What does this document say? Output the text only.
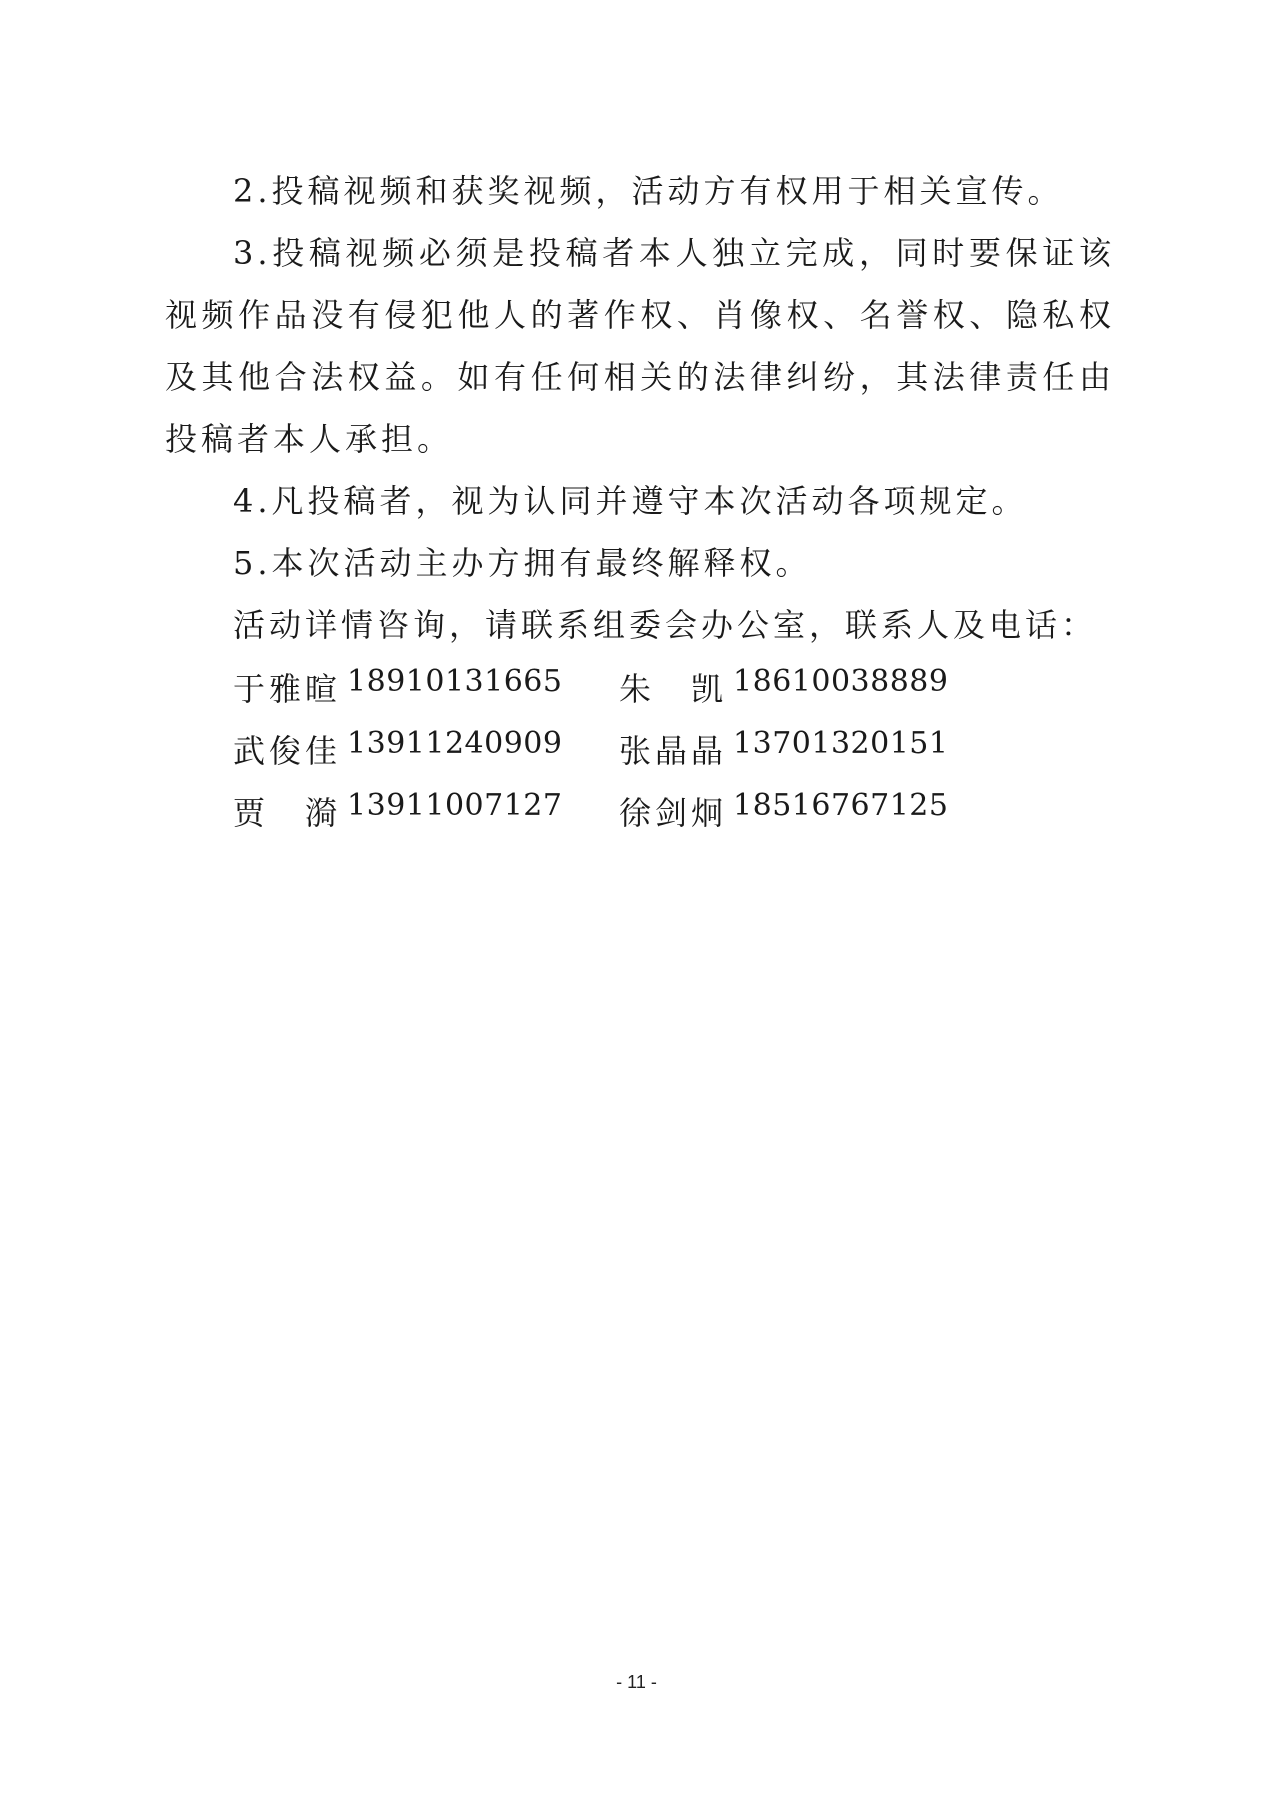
2.投稿视频和获奖视频，活动方有权用于相关宣传。

3.投稿视频必须是投稿者本人独立完成，同时要保证该视频作品没有侵犯他人的著作权、肖像权、名誉权、隐私权及其他合法权益。如有任何相关的法律纠纷，其法律责任由投稿者本人承担。

4.凡投稿者，视为认同并遵守本次活动各项规定。

5.本次活动主办方拥有最终解释权。

活动详情咨询，请联系组委会办公室，联系人及电话：

于雅暄 18910131665 朱　凯 18610038889
武俊佳 13911240909 张晶晶 13701320151
贾　漪 13911007127 徐剑炯 18516767125
- 11 -
